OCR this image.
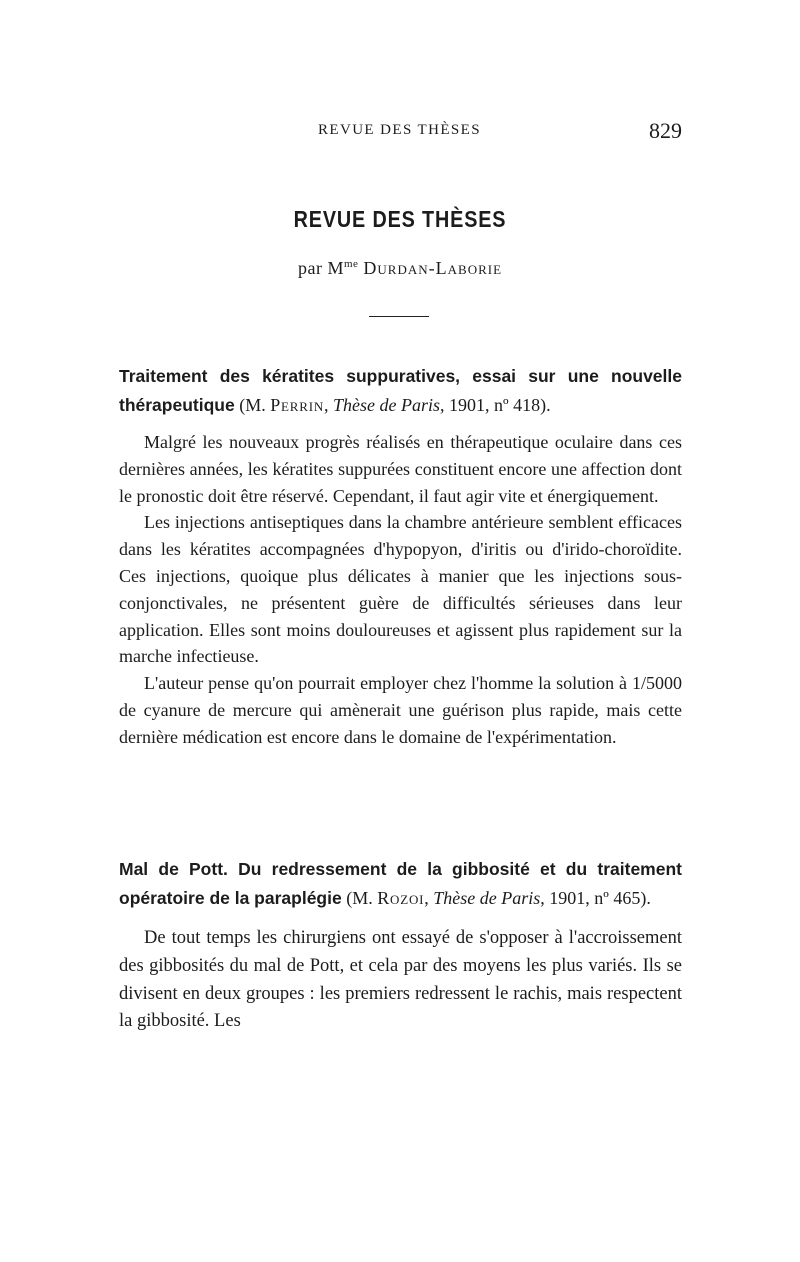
REVUE DES THÈSES	829
REVUE DES THÈSES
par $M^{me}$ Durdan-Laborie

Traitement des kératites suppuratives, essai sur une nouvelle thérapeutique (M. Perrin, Thèse de Paris, 1901, nº 418).

Malgré les nouveaux progrès réalisés en thérapeutique oculaire dans ces dernières années, les kératites suppurées constituent encore une affection dont le pronostic doit être réservé. Cependant, il faut agir vite et énergiquement.

Les injections antiseptiques dans la chambre antérieure semblent efficaces dans les kératites accompagnées d'hypopyon, d'iritis ou d'irido-choroïdite. Ces injections, quoique plus délicates à manier que les injections sous-conjonctivales, ne présentent guère de difficultés sérieuses dans leur application. Elles sont moins douloureuses et agissent plus rapidement sur la marche infectieuse.

L'auteur pense qu'on pourrait employer chez l'homme la solution à 1/5000 de cyanure de mercure qui amènerait une guérison plus rapide, mais cette dernière médication est encore dans le domaine de l'expérimentation.

Mal de Pott. Du redressement de la gibbosité et du traitement opératoire de la paraplégie (M. Rozoi, Thèse de Paris, 1901, nº 465).

De tout temps les chirurgiens ont essayé de s'opposer à l'accroissement des gibbosités du mal de Pott, et cela par des moyens les plus variés. Ils se divisent en deux groupes : les premiers redressent le rachis, mais respectent la gibbosité. Les
